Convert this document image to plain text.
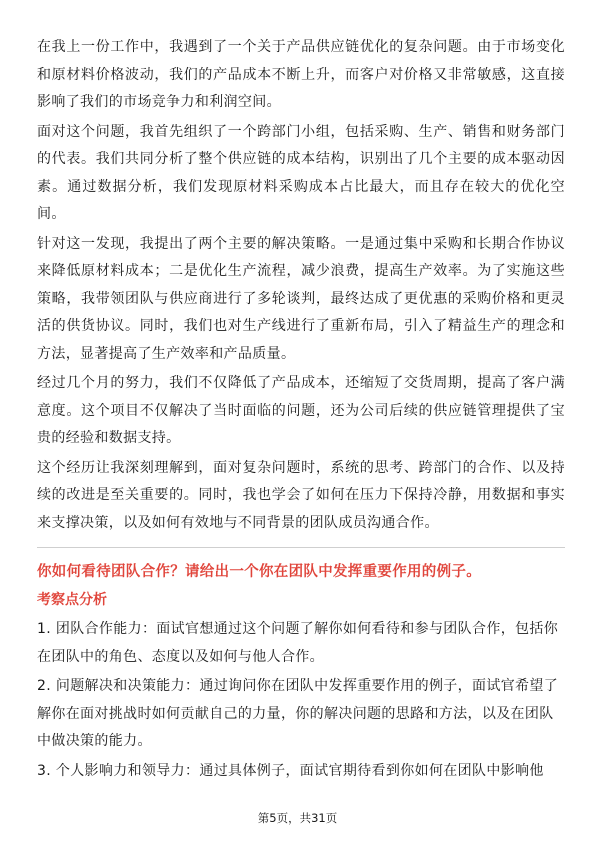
在我上一份工作中，我遇到了一个关于产品供应链优化的复杂问题。由于市场变化和原材料价格波动，我们的产品成本不断上升，而客户对价格又非常敏感，这直接影响了我们的市场竞争力和利润空间。

面对这个问题，我首先组织了一个跨部门小组，包括采购、生产、销售和财务部门的代表。我们共同分析了整个供应链的成本结构，识别出了几个主要的成本驱动因素。通过数据分析，我们发现原材料采购成本占比最大，而且存在较大的优化空间。

针对这一发现，我提出了两个主要的解决策略。一是通过集中采购和长期合作协议来降低原材料成本；二是优化生产流程，减少浪费，提高生产效率。为了实施这些策略，我带领团队与供应商进行了多轮谈判，最终达成了更优惠的采购价格和更灵活的供货协议。同时，我们也对生产线进行了重新布局，引入了精益生产的理念和方法，显著提高了生产效率和产品质量。

经过几个月的努力，我们不仅降低了产品成本，还缩短了交货周期，提高了客户满意度。这个项目不仅解决了当时面临的问题，还为公司后续的供应链管理提供了宝贵的经验和数据支持。

这个经历让我深刻理解到，面对复杂问题时，系统的思考、跨部门的合作、以及持续的改进是至关重要的。同时，我也学会了如何在压力下保持冷静，用数据和事实来支撑决策，以及如何有效地与不同背景的团队成员沟通合作。

你如何看待团队合作？请给出一个你在团队中发挥重要作用的例子。
考察点分析

1. 团队合作能力：面试官想通过这个问题了解你如何看待和参与团队合作，包括你在团队中的角色、态度以及如何与他人合作。

2. 问题解决和决策能力：通过询问你在团队中发挥重要作用的例子，面试官希望了解你在面对挑战时如何贡献自己的力量，你的解决问题的思路和方法，以及在团队中做决策的能力。

3. 个人影响力和领导力：通过具体例子，面试官期待看到你如何在团队中影响他

第5页，共31页
